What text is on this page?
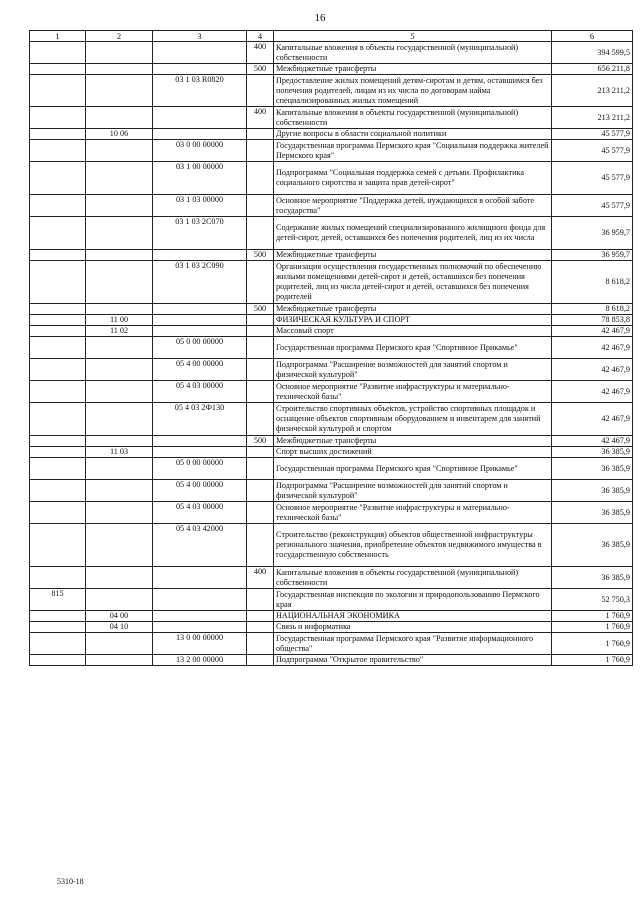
16
1	2	3	4	5	6
			400	Капитальные вложения в объекты государственной (муниципальной) собственности	394 599,5
			500	Межбюджетные трансферты	656 211,8
		03 1 03 R0820		Предоставление жилых помещений детям-сиротам и детям, оставшимся без попечения родителей, лицам из их числа по договорам найма специализированных жилых помещений	213 211,2
			400	Капитальные вложения в объекты государственной (муниципальной) собственности	213 211,2
	10 06			Другие вопросы в области социальной политики	45 577,9
		03 0 00 00000		Государственная программа Пермского края "Социальная поддержка жителей Пермского края"	45 577,9
		03 1 00 00000		Подпрограмма "Социальная поддержка семей с детьми. Профилактика социального сиротства и защита прав детей-сирот"	45 577,9
		03 1 03 00000		Основное мероприятие "Поддержка детей, нуждающихся в особой заботе государства"	45 577,9
		03 1 03 2С070		Содержание жилых помещений специализированного жилищного фонда для детей-сирот, детей, оставшихся без попечения родителей, лиц из их числа	36 959,7
			500	Межбюджетные трансферты	36 959,7
		03 1 03 2С090		Организация осуществления государственных полномочий по обеспечению жилыми помещениями детей-сирот и детей, оставшихся без попечения родителей, лиц из числа детей-сирот и детей, оставшихся без попечения родителей	8 618,2
			500	Межбюджетные трансферты	8 618,2
	11 00			ФИЗИЧЕСКАЯ КУЛЬТУРА И СПОРТ	78 853,8
	11 02			Массовый спорт	42 467,9
		05 0 00 00000		Государственная программа Пермского края "Спортивное Прикамье"	42 467,9
		05 4 00 00000		Подпрограмма "Расширение возможностей для занятий спортом и физической культурой"	42 467,9
		05 4 03 00000		Основное мероприятие "Развитие инфраструктуры и материально-технической базы"	42 467,9
		05 4 03 2Ф130		Строительство спортивных объектов, устройство спортивных площадок и оснащение объектов спортивным оборудованием и инвентарем для занятий физической культурой и спортом	42 467,9
			500	Межбюджетные трансферты	42 467,9
	11 03			Спорт высших достижений	36 385,9
		05 0 00 00000		Государственная программа Пермского края "Спортивное Прикамье"	36 385,9
		05 4 00 00000		Подпрограмма "Расширение возможностей для занятий спортом и физической культурой"	36 385,9
		05 4 03 00000		Основное мероприятие "Развитие инфраструктуры и материально-технической базы"	36 385,9
		05 4 03 42000		Строительство (реконструкция) объектов общественной инфраструктуры регионального значения, приобретение объектов недвижимого имущества в государственную собственность	36 385,9
			400	Капитальные вложения в объекты государственной (муниципальной) собственности	36 385,9
815				Государственная инспекция по экологии и природопользованию Пермского края	52 750,3
	04 00			НАЦИОНАЛЬНАЯ ЭКОНОМИКА	1 760,9
	04 10			Связь и информатика	1 760,9
		13 0 00 00000		Государственная программа Пермского края "Развитие информационного общества"	1 760,9
		13 2 00 00000		Подпрограмма "Открытое правительство"	1 760,9
5310-18
